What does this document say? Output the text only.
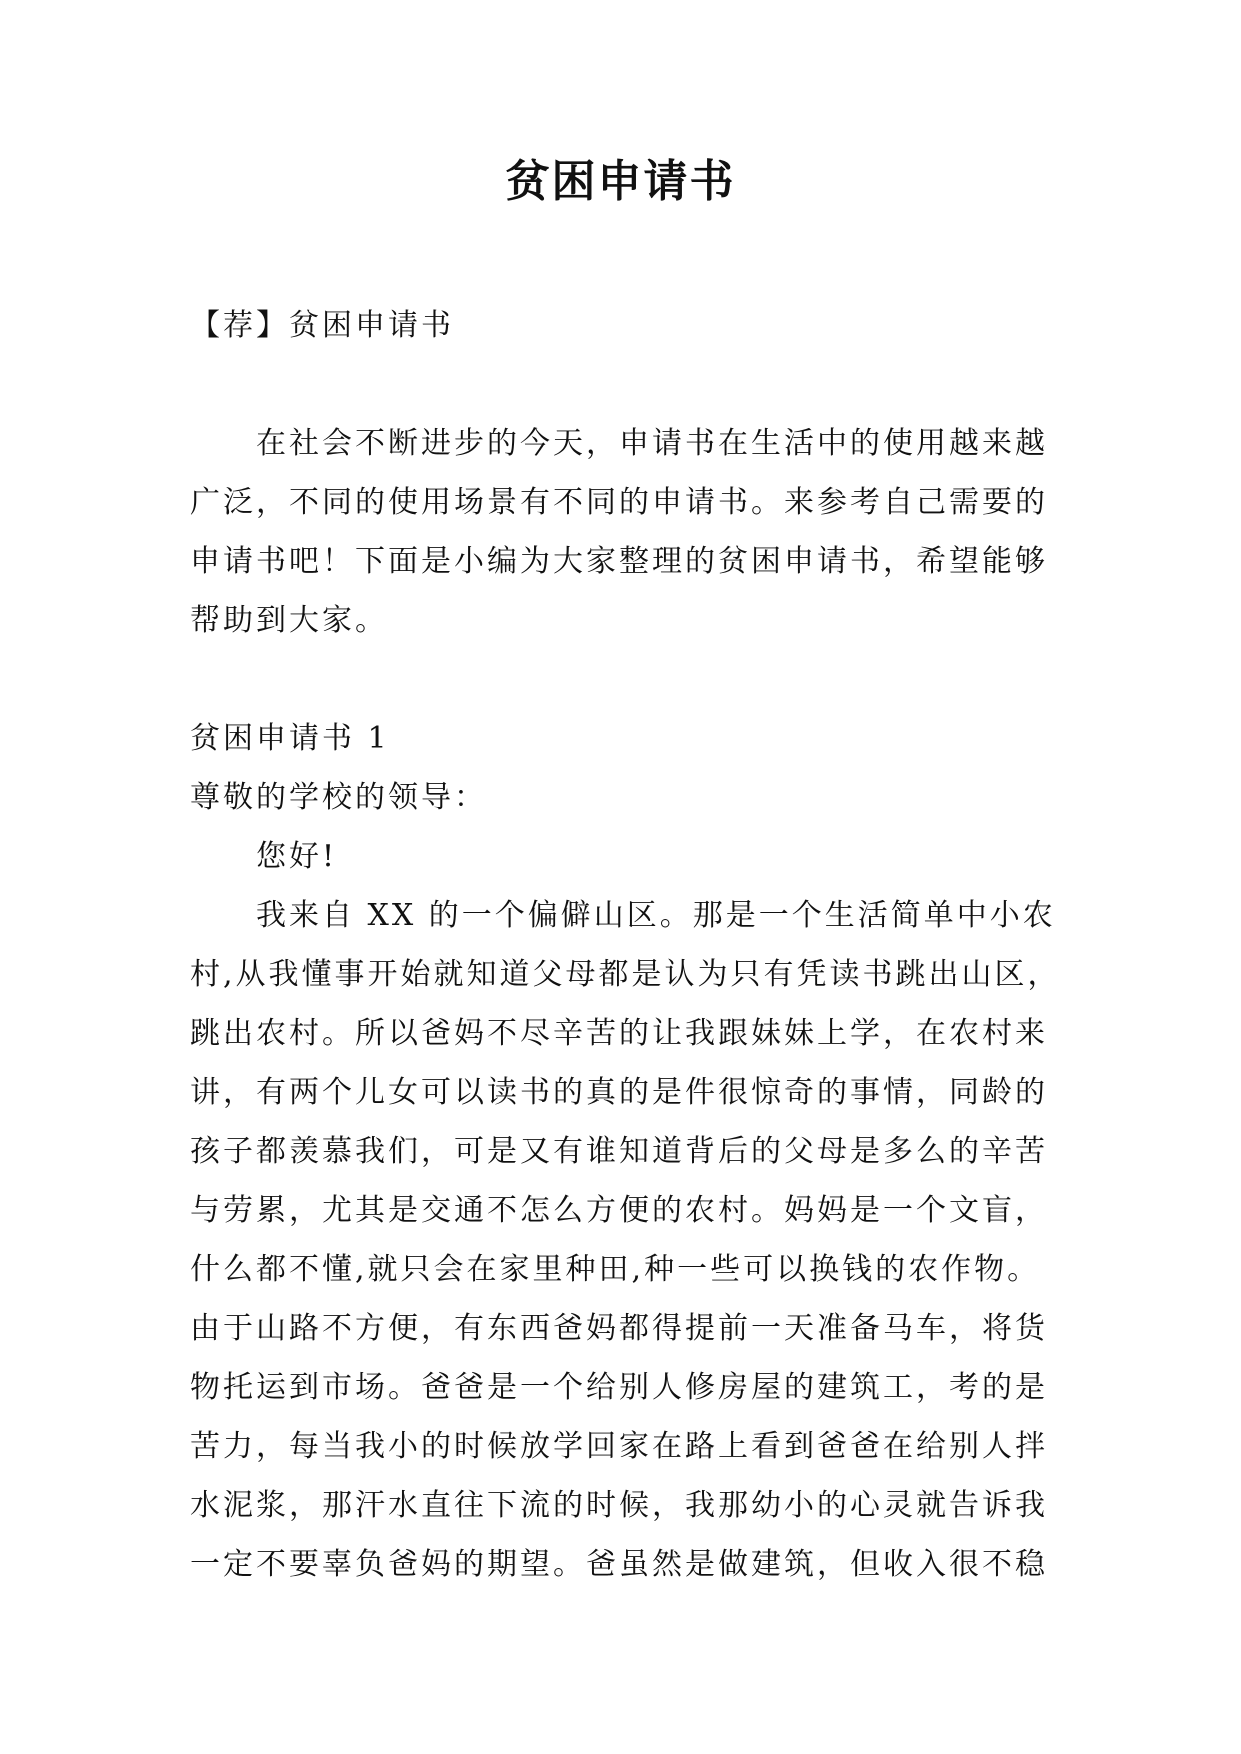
贫困申请书
【荐】贫困申请书
在社会不断进步的今天，申请书在生活中的使用越来越
广泛，不同的使用场景有不同的申请书。来参考自己需要的
申请书吧！下面是小编为大家整理的贫困申请书，希望能够
帮助到大家。
贫困申请书 1
尊敬的学校的领导：
您好!
我来自 XX 的一个偏僻山区。那是一个生活简单中小农
村,从我懂事开始就知道父母都是认为只有凭读书跳出山区，
跳出农村。所以爸妈不尽辛苦的让我跟妹妹上学，在农村来
讲，有两个儿女可以读书的真的是件很惊奇的事情，同龄的
孩子都羡慕我们，可是又有谁知道背后的父母是多么的辛苦
与劳累，尤其是交通不怎么方便的农村。妈妈是一个文盲，
什么都不懂,就只会在家里种田,种一些可以换钱的农作物。
由于山路不方便，有东西爸妈都得提前一天准备马车，将货
物托运到市场。爸爸是一个给别人修房屋的建筑工，考的是
苦力，每当我小的时候放学回家在路上看到爸爸在给别人拌
水泥浆，那汗水直往下流的时候，我那幼小的心灵就告诉我
一定不要辜负爸妈的期望。爸虽然是做建筑，但收入很不稳
